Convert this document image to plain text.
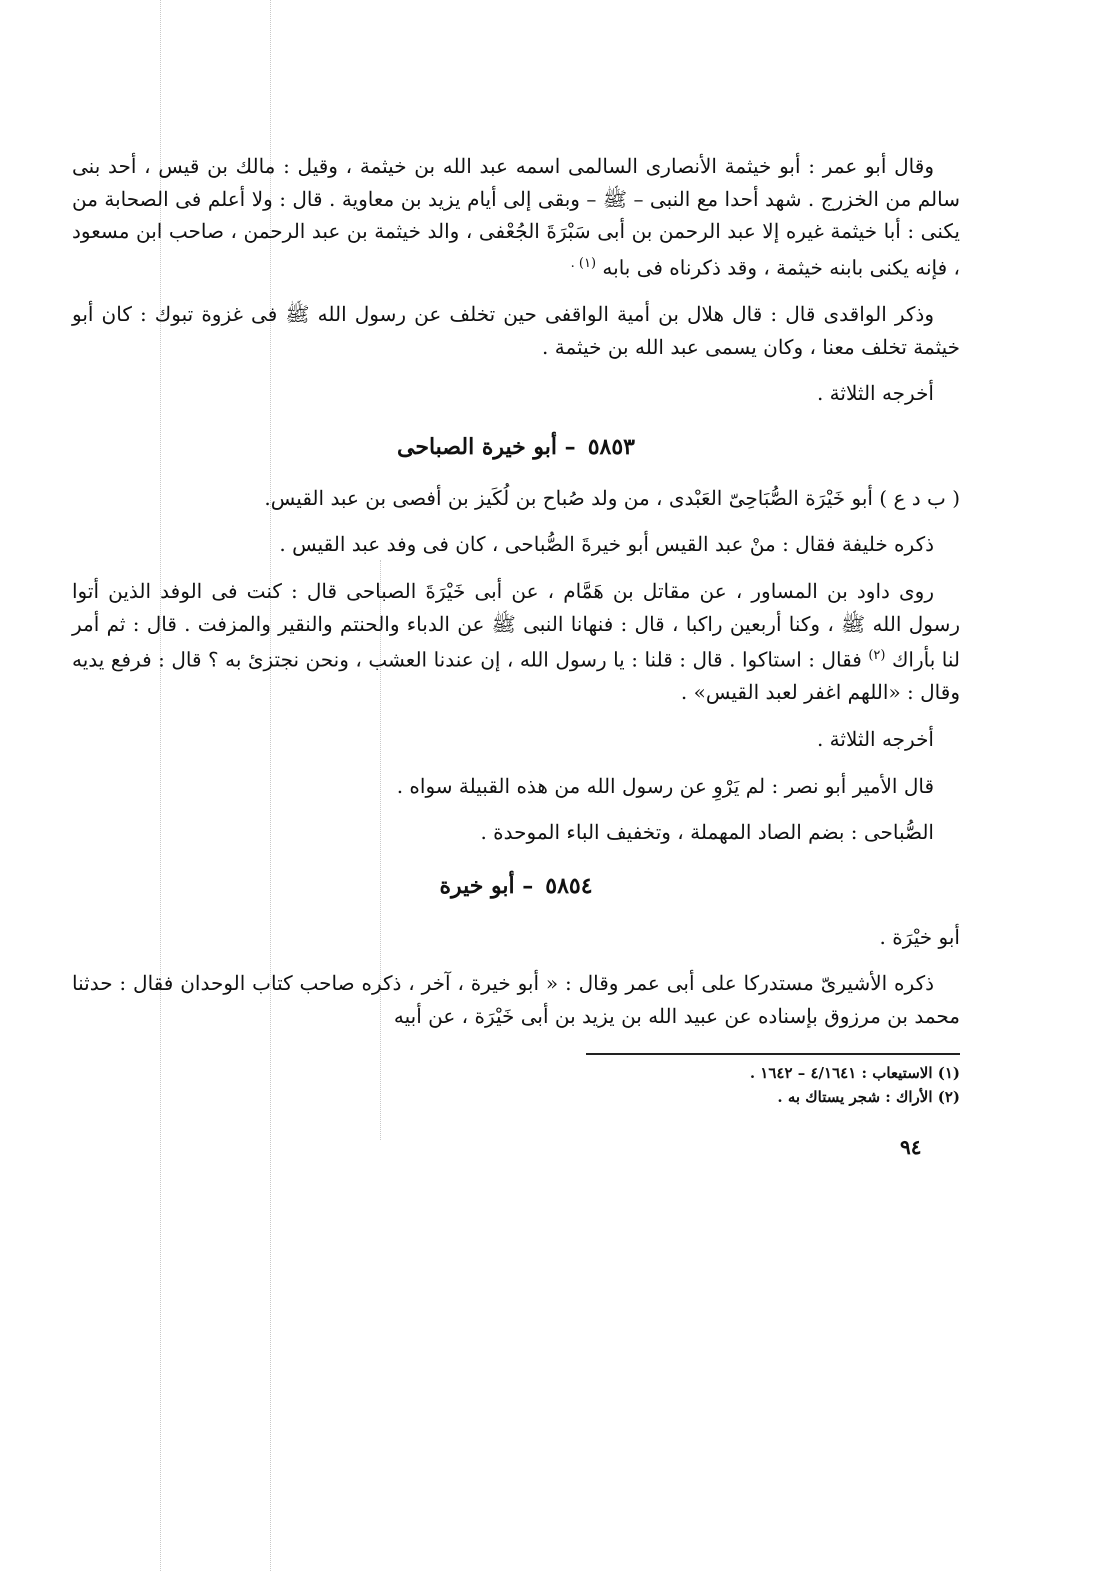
وقال أبو عمر : أبو خيثمة الأنصارى السالمى اسمه عبد الله بن خيثمة ، وقيل : مالك بن قيس ، أحد بنى سالم من الخزرج . شهد أحدا مع النبى – ﷺ – وبقى إلى أيام يزيد بن معاوية . قال : ولا أعلم فى الصحابة من يكنى : أبا خيثمة غيره إلا عبد الرحمن بن أبى سَبْرَةَ الجُعْفى ، والد خيثمة بن عبد الرحمن ، صاحب ابن مسعود ، فإنه يكنى بابنه خيثمة ، وقد ذكرناه فى بابه $^{(١) .}$

وذكر الواقدى قال : قال هلال بن أمية الواقفى حين تخلف عن رسول الله ﷺ فى غزوة تبوك : كان أبو خيثمة تخلف معنا ، وكان يسمى عبد الله بن خيثمة .

أخرجه الثلاثة .

٥٨٥٣– أبو خيرة الصباحى

( ب د ع ) أبو خَيْرَة الصُّبَاحِىّ العَبْدى ، من ولد صُباح بن لُكَيز بن أفصى بن عبد القيس.

ذكره خليفة فقال : منْ عبد القيس أبو خيرةَ الصُّباحى ، كان فى وفد عبد القيس .

روى داود بن المساور ، عن مقاتل بن هَمَّام ، عن أبى خَيْرَةَ الصباحى قال : كنت فى الوفد الذين أتوا رسول الله ﷺ ، وكنا أربعين راكبا ، قال : فنهانا النبى ﷺ عن الدباء والحنتم والنقير والمزفت . قال : ثم أمر لنا بأراك $^{(٢)}$ فقال : استاكوا . قال : قلنا : يا رسول الله ، إن عندنا العشب ، ونحن نجتزئ به ؟ قال : فرفع يديه وقال : «اللهم اغفر لعبد القيس» .

أخرجه الثلاثة .

قال الأمير أبو نصر : لم يَرْوِ عن رسول الله من هذه القبيلة سواه .

الصُّباحى : بضم الصاد المهملة ، وتخفيف الباء الموحدة .

٥٨٥٤– أبو خيرة

أبو خيْرَة .

ذكره الأشيرىّ مستدركا على أبى عمر وقال : « أبو خيرة ، آخر ، ذكره صاحب كتاب الوحدان فقال : حدثنا محمد بن مرزوق بإسناده عن عبيد الله بن يزيد بن أبى خَيْرَة ، عن أبيه

(١) الاستيعاب : ٤/١٦٤١ – ١٦٤٢ .
(٢) الأراك : شجر يستاك به .
٩٤
